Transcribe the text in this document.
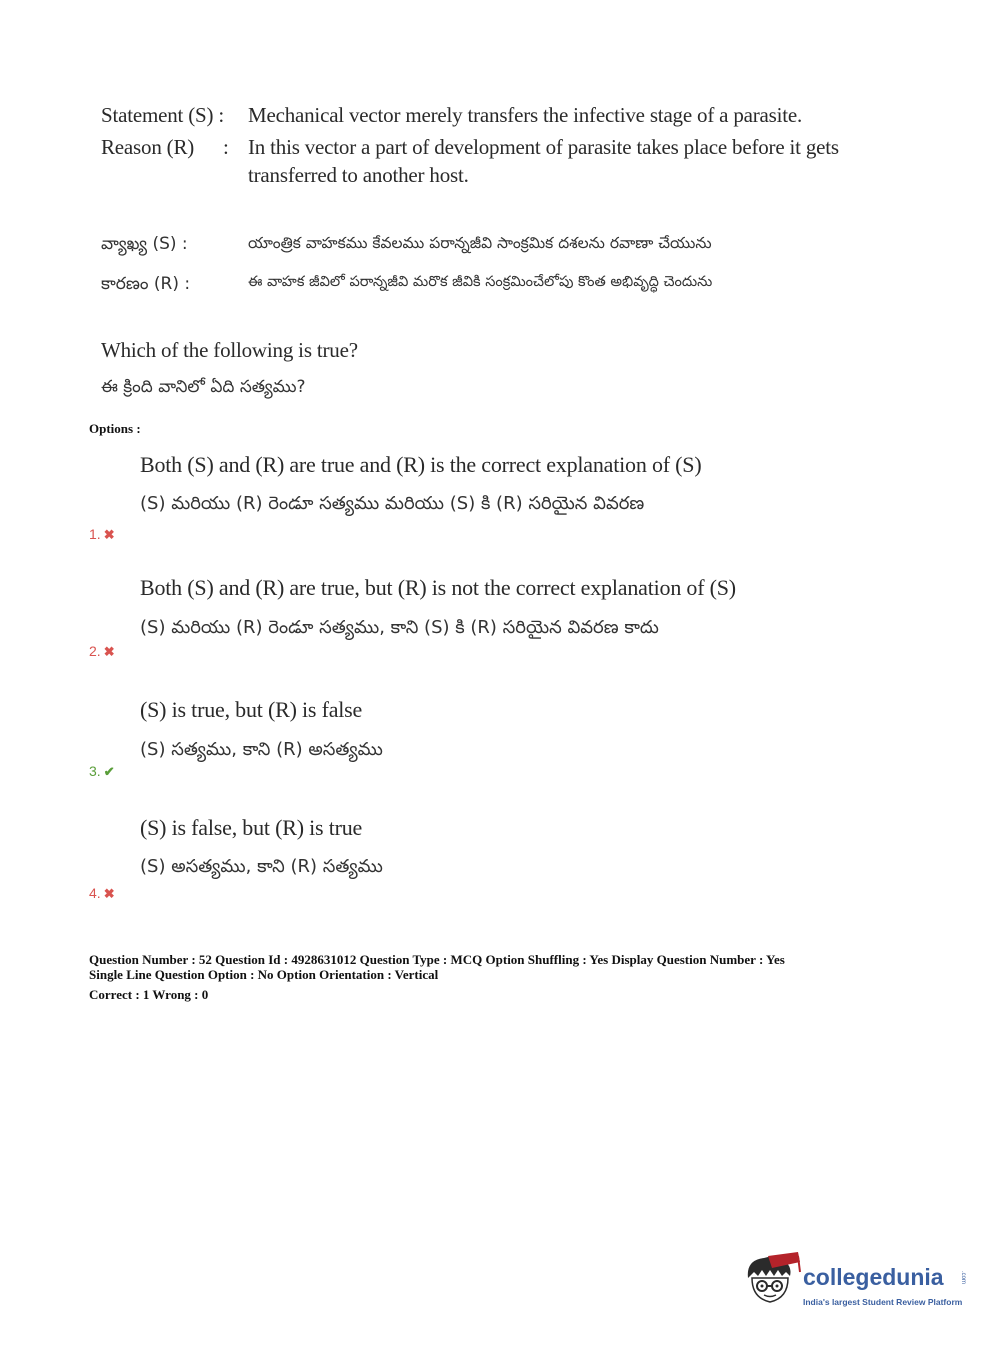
Statement (S) : Mechanical vector merely transfers the infective stage of a parasite.
Reason (R) : In this vector a part of development of parasite takes place before it gets
transferred to another host.
వ్యాఖ్య (S) :	యాంత్రిక వాహకము కేవలము పరాన్నజీవి సాంక్రమిక దశలను రవాణా చేయును
కారణం (R) :	ఈ వాహక జీవిలో పరాన్నజీవి మరొక జీవికి సంక్రమించేలోపు కొంత అభివృద్ధి చెందును
Which of the following is true?
ఈ క్రింది వానిలో ఏది సత్యము?
Options :
Both (S) and (R) are true and (R) is the correct explanation of (S)
(S) మరియు (R) రెండూ సత్యము మరియు (S) కి (R) సరియైన వివరణ
1. ✖
Both (S) and (R) are true, but (R) is not the correct explanation of (S)
(S) మరియు (R) రెండూ సత్యము, కాని (S) కి (R) సరియైన వివరణ కాదు
2. ✖
(S) is true, but (R) is false
(S) సత్యము, కాని (R) అసత్యము
3. ✔
(S) is false, but (R) is true
(S) అసత్యము, కాని (R) సత్యము
4. ✖
Question Number : 52 Question Id : 4928631012 Question Type : MCQ Option Shuffling : Yes Display Question Number : Yes
Single Line Question Option : No Option Orientation : Vertical
Correct : 1 Wrong : 0
collegedunia	.com
India's largest Student Review Platform
